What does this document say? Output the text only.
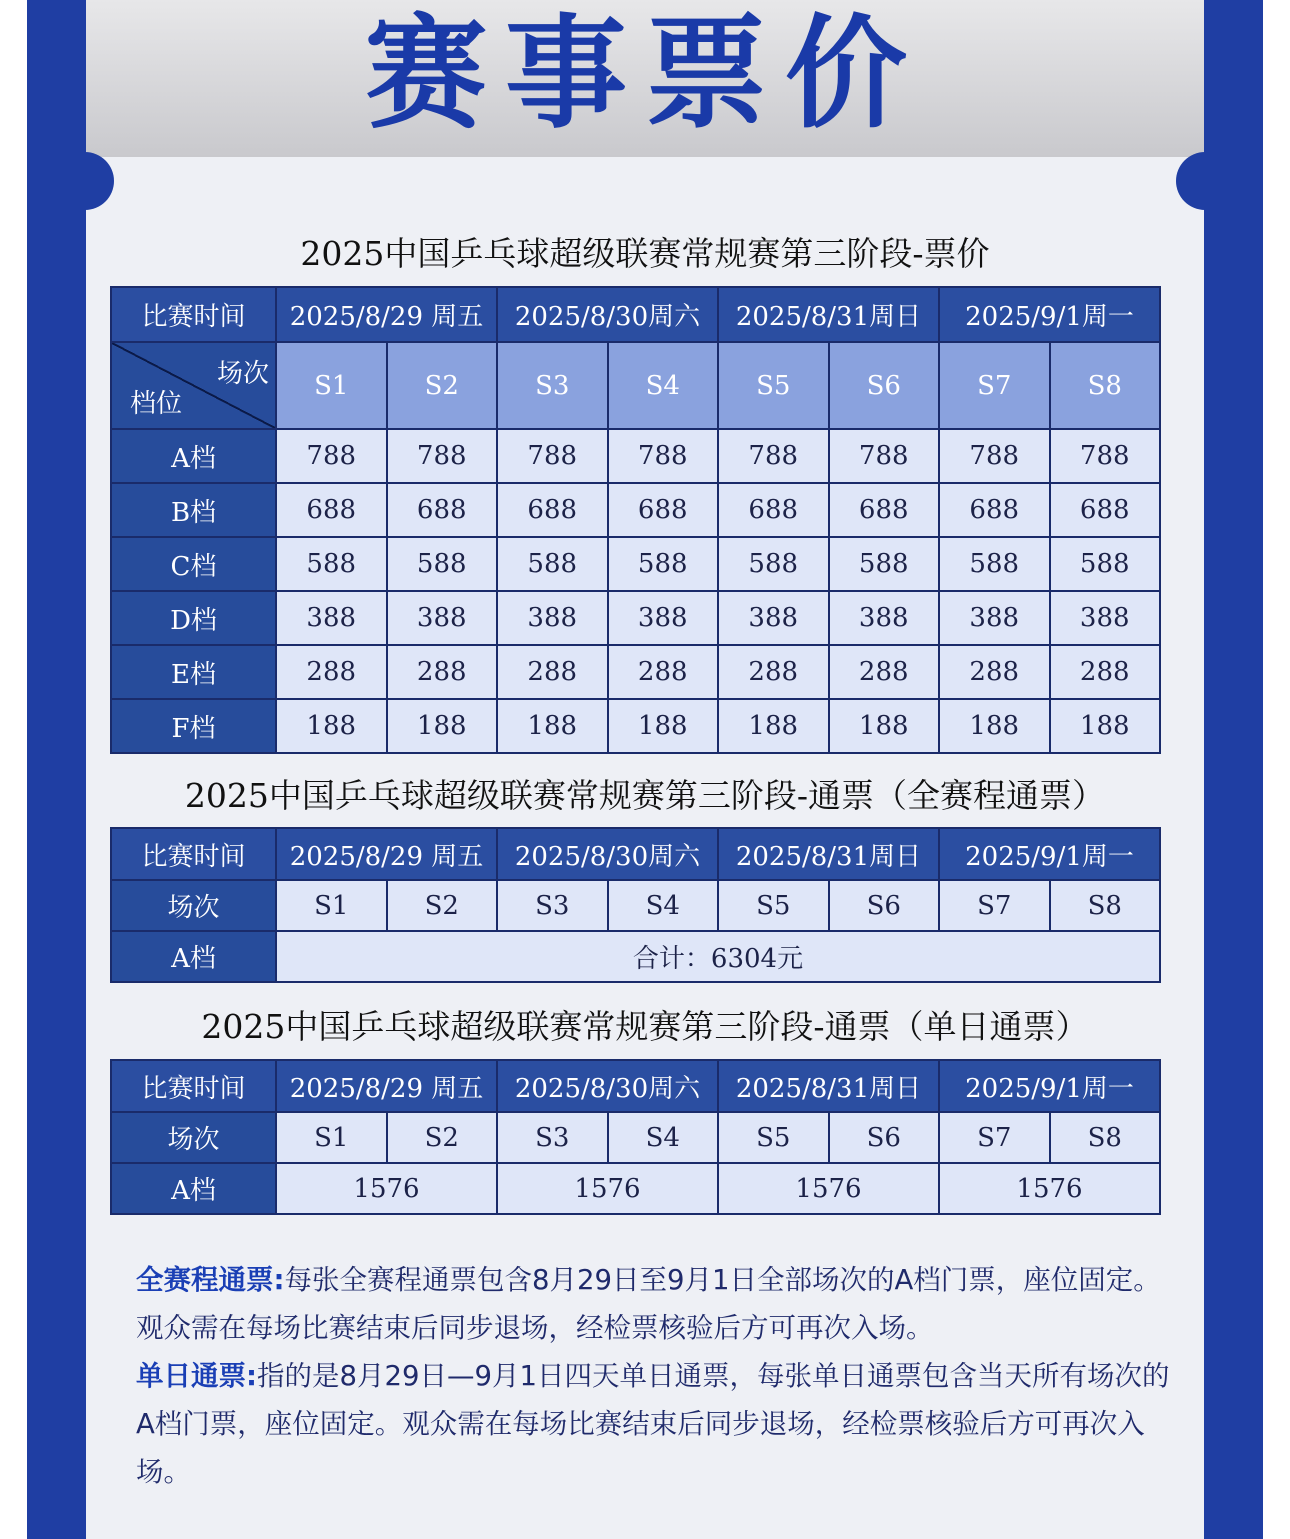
赛事票价
2025中国乒乓球超级联赛常规赛第三阶段-票价
比赛时间	2025/8/29 周五		2025/8/30周六		2025/8/31周日		2025/9/1周一	

场次
档位	S1	S2	S3	S4	S5	S6	S7	S8
A档	788	788	788	788	788	788	788	788
B档	688	688	688	688	688	688	688	688
C档	588	588	588	588	588	588	588	588
D档	388	388	388	388	388	388	388	388
E档	288	288	288	288	288	288	288	288
F档	188	188	188	188	188	188	188	188
2025中国乒乓球超级联赛常规赛第三阶段-通票（全赛程通票）
比赛时间	2025/8/29 周五		2025/8/30周六		2025/8/31周日		2025/9/1周一	
场次	S1	S2	S3	S4	S5	S6	S7	S8
A档	合计：6304元							
2025中国乒乓球超级联赛常规赛第三阶段-通票（单日通票）
比赛时间	2025/8/29 周五		2025/8/30周六		2025/8/31周日		2025/9/1周一	
场次	S1	S2	S3	S4	S5	S6	S7	S8
A档	1576		1576		1576		1576	

全赛程通票:每张全赛程通票包含8月29日至9月1日全部场次的A档门票，座位固定。观众需在每场比赛结束后同步退场，经检票核验后方可再次入场。

单日通票:指的是8月29日—9月1日四天单日通票，每张单日通票包含当天所有场次的A档门票，座位固定。观众需在每场比赛结束后同步退场，经检票核验后方可再次入场。
